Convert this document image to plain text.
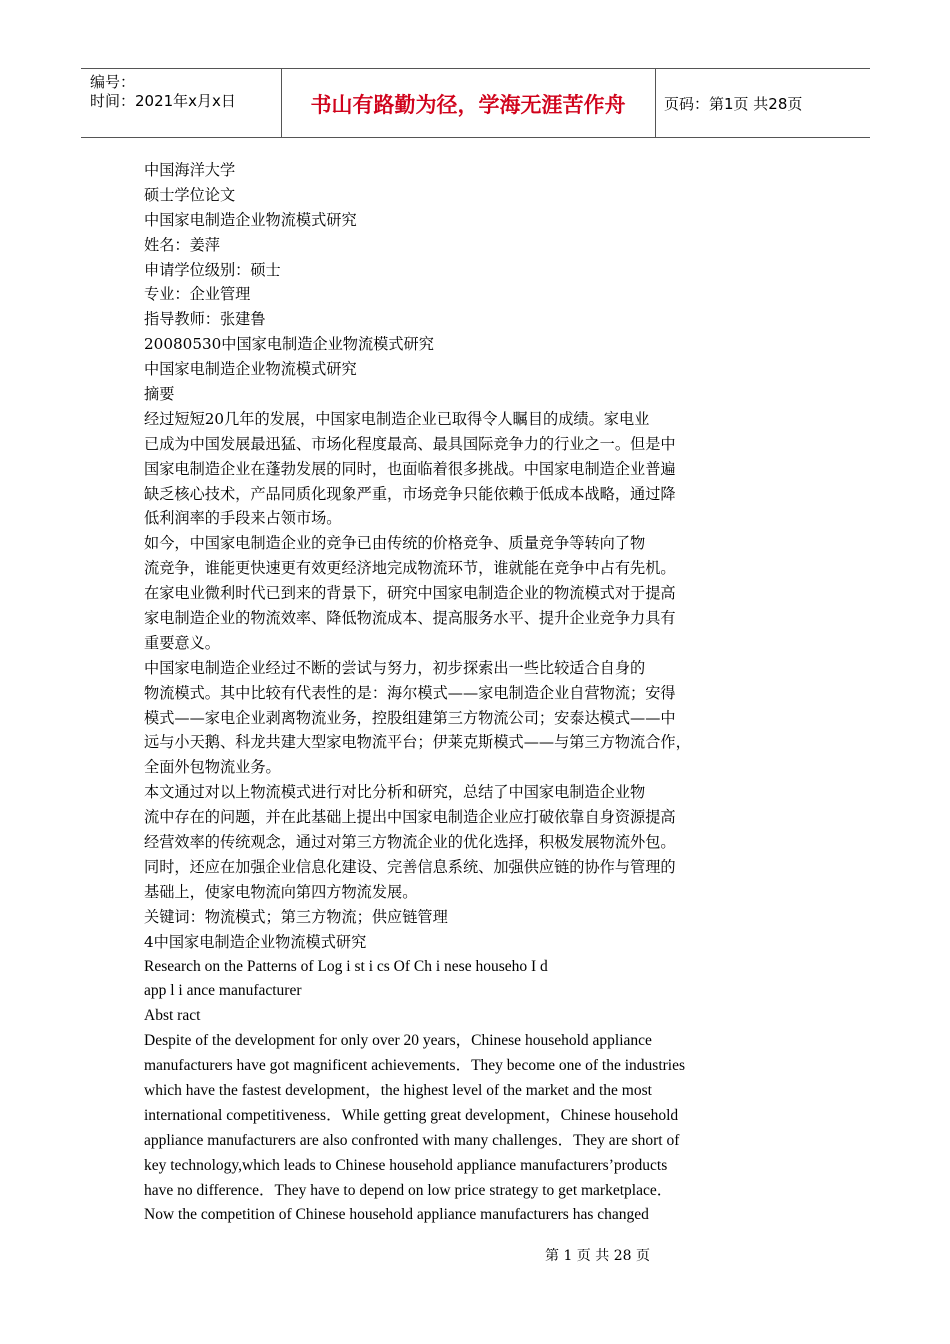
编号：
时间：2021年x月x日	书山有路勤为径，学海无涯苦作舟	页码：第1页 共28页
中国海洋大学
硕士学位论文
中国家电制造企业物流模式研究
姓名：姜萍
申请学位级别：硕士
专业：企业管理
指导教师：张建鲁
20080530中国家电制造企业物流模式研究
中国家电制造企业物流模式研究
摘要
经过短短20几年的发展，中国家电制造企业已取得令人瞩目的成绩。家电业
已成为中国发展最迅猛、市场化程度最高、最具国际竞争力的行业之一。但是中
国家电制造企业在蓬勃发展的同时，也面临着很多挑战。中国家电制造企业普遍
缺乏核心技术，产品同质化现象严重，市场竞争只能依赖于低成本战略，通过降
低利润率的手段来占领市场。
如今，中国家电制造企业的竞争已由传统的价格竞争、质量竞争等转向了物
流竞争，谁能更快速更有效更经济地完成物流环节，谁就能在竞争中占有先机。
在家电业微利时代已到来的背景下，研究中国家电制造企业的物流模式对于提高
家电制造企业的物流效率、降低物流成本、提高服务水平、提升企业竞争力具有
重要意义。
中国家电制造企业经过不断的尝试与努力，初步探索出一些比较适合自身的
物流模式。其中比较有代表性的是：海尔模式——家电制造企业自营物流；安得
模式——家电企业剥离物流业务，控股组建第三方物流公司；安泰达模式——中
远与小天鹅、科龙共建大型家电物流平台；伊莱克斯模式——与第三方物流合作，
全面外包物流业务。
本文通过对以上物流模式进行对比分析和研究，总结了中国家电制造企业物
流中存在的问题，并在此基础上提出中国家电制造企业应打破依靠自身资源提高
经营效率的传统观念，通过对第三方物流企业的优化选择，积极发展物流外包。
同时，还应在加强企业信息化建设、完善信息系统、加强供应链的协作与管理的
基础上，使家电物流向第四方物流发展。
关键词：物流模式；第三方物流；供应链管理
4中国家电制造企业物流模式研究
Research on the Patterns of Log i st i cs Of Ch i nese househo I d
app l i ance manufacturer
Abst ract
Despite of the development for only over 20 years，Chinese household appliance
manufacturers have got magnificent achievements．They become one of the industries
which have the fastest development，the highest level of the market and the most
international competitiveness．While getting great development，Chinese household
appliance manufacturers are also confronted with many challenges．They are short of
key technology,which leads to Chinese household appliance manufacturers’products
have no difference．They have to depend on low price strategy to get marketplace．
Now the competition of Chinese household appliance manufacturers has changed
第 1 页 共 28 页
